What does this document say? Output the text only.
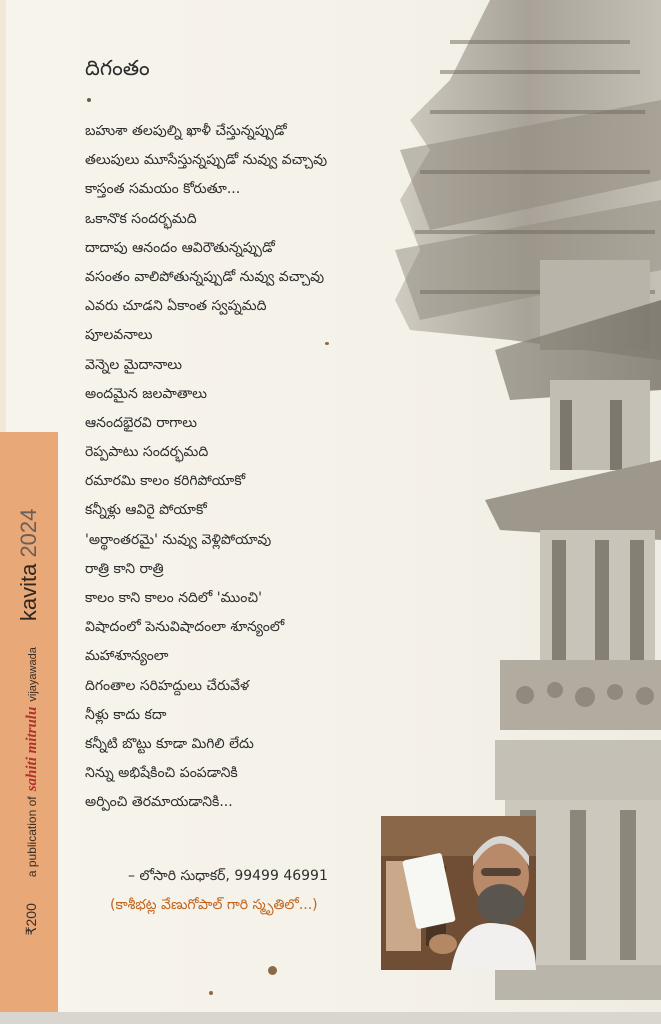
₹200
a publication of sahiti mitrulu vijayawada
kavita 2024
దిగంతం
బహుశా తలపుల్ని ఖాళీ చేస్తున్నప్పుడో
తలుపులు మూసేస్తున్నప్పుడో నువ్వు వచ్చావు
కాస్తంత సమయం కోరుతూ...
ఒకానొక సందర్భమది
దాదాపు ఆనందం ఆవిరౌతున్నప్పుడో
వసంతం వాలిపోతున్నప్పుడో నువ్వు వచ్చావు
ఎవరు చూడని ఏకాంత స్వప్నమది
పూలవనాలు
వెన్నెల మైదానాలు
అందమైన జలపాతాలు
ఆనందభైరవి రాగాలు
రెప్పపాటు సందర్భమది
రమారమి కాలం కరిగిపోయాకో
కన్నీళ్లు ఆవిరై పోయాకో
'అర్థాంతరమై' నువ్వు వెళ్లిపోయావు
రాత్రి కాని రాత్రి
కాలం కాని కాలం నదిలో 'ముంచి'
విషాదంలో పెనువిషాదంలా శూన్యంలో
మహాశూన్యంలా
దిగంతాల సరిహద్దులు చేరువేళ
నీళ్లు కాదు కదా
కన్నీటి బొట్టు కూడా మిగిలి లేదు
నిన్ను అభిషేకించి పంపడానికి
అర్పించి తెరమాయడానికి...
– లోసారి సుధాకర్, 99499 46991
(కాశీభట్ల వేణుగోపాల్ గారి స్మృతిలో...)
